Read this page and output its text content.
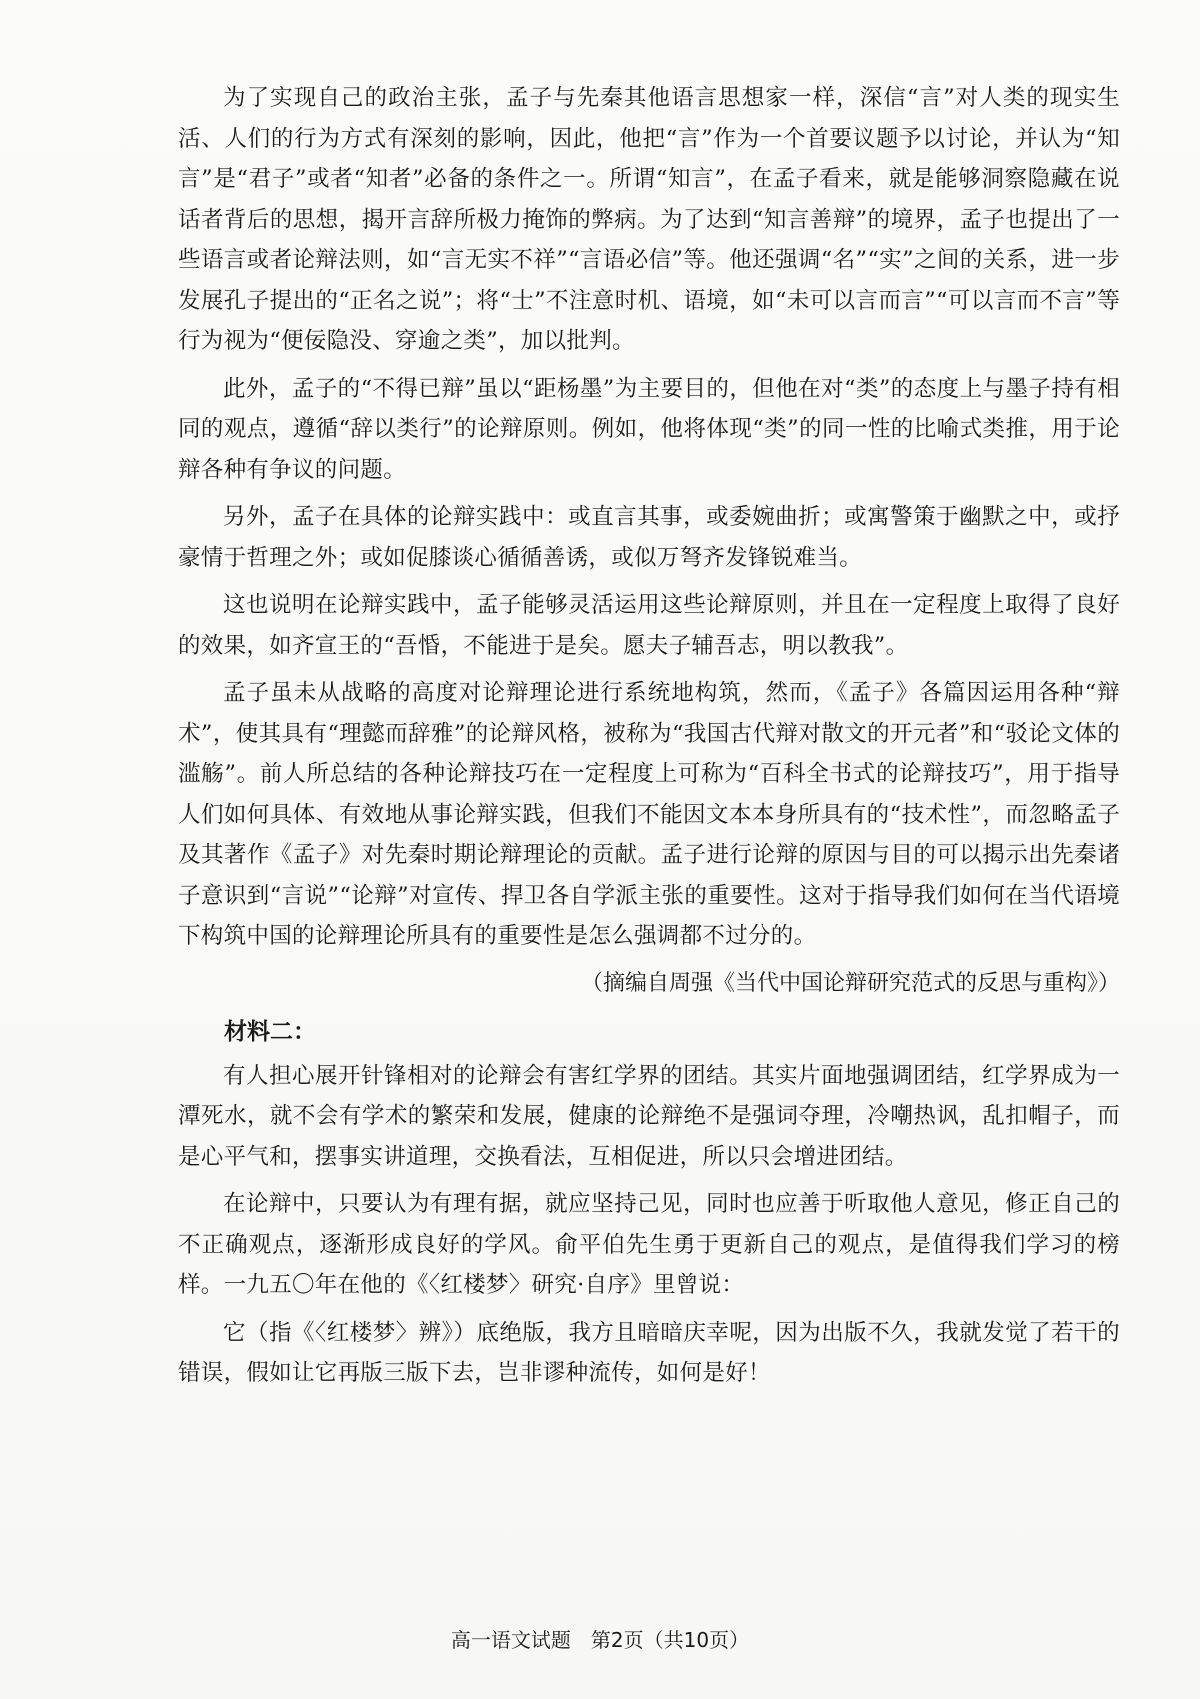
为了实现自己的政治主张，孟子与先秦其他语言思想家一样，深信“言”对人类的现实生活、人们的行为方式有深刻的影响，因此，他把“言”作为一个首要议题予以讨论，并认为“知言”是“君子”或者“知者”必备的条件之一。所谓“知言”，在孟子看来，就是能够洞察隐藏在说话者背后的思想，揭开言辞所极力掩饰的弊病。为了达到“知言善辩”的境界，孟子也提出了一些语言或者论辩法则，如“言无实不祥”“言语必信”等。他还强调“名”“实”之间的关系，进一步发展孔子提出的“正名之说”；将“士”不注意时机、语境，如“未可以言而言”“可以言而不言”等行为视为“便佞隐没、穿逾之类”，加以批判。

此外，孟子的“不得已辩”虽以“距杨墨”为主要目的，但他在对“类”的态度上与墨子持有相同的观点，遵循“辞以类行”的论辩原则。例如，他将体现“类”的同一性的比喻式类推，用于论辩各种有争议的问题。

另外，孟子在具体的论辩实践中：或直言其事，或委婉曲折；或寓警策于幽默之中，或抒豪情于哲理之外；或如促膝谈心循循善诱，或似万弩齐发锋锐难当。

这也说明在论辩实践中，孟子能够灵活运用这些论辩原则，并且在一定程度上取得了良好的效果，如齐宣王的“吾惛，不能进于是矣。愿夫子辅吾志，明以教我”。

孟子虽未从战略的高度对论辩理论进行系统地构筑，然而，《孟子》各篇因运用各种“辩术”，使其具有“理懿而辞雅”的论辩风格，被称为“我国古代辩对散文的开元者”和“驳论文体的滥觞”。前人所总结的各种论辩技巧在一定程度上可称为“百科全书式的论辩技巧”，用于指导人们如何具体、有效地从事论辩实践，但我们不能因文本本身所具有的“技术性”，而忽略孟子及其著作《孟子》对先秦时期论辩理论的贡献。孟子进行论辩的原因与目的可以揭示出先秦诸子意识到“言说”“论辩”对宣传、捍卫各自学派主张的重要性。这对于指导我们如何在当代语境下构筑中国的论辩理论所具有的重要性是怎么强调都不过分的。

（摘编自周强《当代中国论辩研究范式的反思与重构》）
材料二：

有人担心展开针锋相对的论辩会有害红学界的团结。其实片面地强调团结，红学界成为一潭死水，就不会有学术的繁荣和发展，健康的论辩绝不是强词夺理，冷嘲热讽，乱扣帽子，而是心平气和，摆事实讲道理，交换看法，互相促进，所以只会增进团结。

在论辩中，只要认为有理有据，就应坚持己见，同时也应善于听取他人意见，修正自己的不正确观点，逐渐形成良好的学风。俞平伯先生勇于更新自己的观点，是值得我们学习的榜样。一九五〇年在他的《〈红楼梦〉研究·自序》里曾说：

它（指《〈红楼梦〉辨》）底绝版，我方且暗暗庆幸呢，因为出版不久，我就发觉了若干的错误，假如让它再版三版下去，岂非谬种流传，如何是好！

高一语文试题　第2页（共10页）
